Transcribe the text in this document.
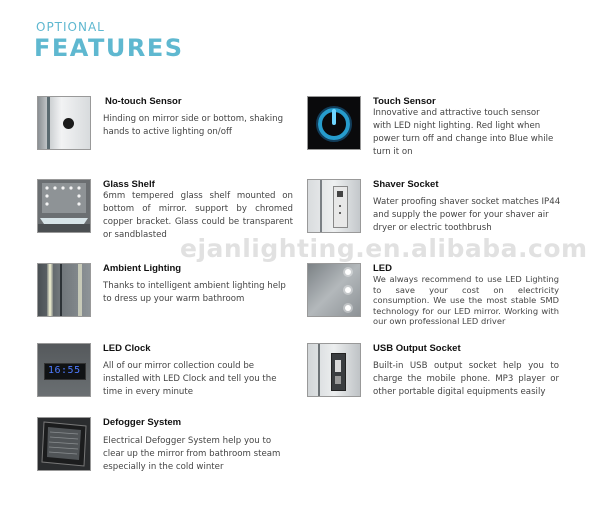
OPTIONAL
FEATURES
No-touch Sensor
Hinding on mirror side or bottom, shaking hands to active lighting on/off
Touch Sensor
Innovative and attractive touch sensor with LED night lighting. Red light when power turn off and change into Blue while turn it on
Glass Shelf
6mm tempered glass shelf mounted on bottom of mirror. support by chromed copper bracket. Glass could be transparent or sandblasted
Shaver Socket
Water proofing shaver socket matches IP44 and supply the power for your shaver air dryer or electric toothbrush
Ambient Lighting
Thanks to intelligent ambient lighting help to dress up your warm bathroom
LED
We always recommend to use LED Lighting to save your cost on electricity consumption. We use the most stable SMD technology for our LED mirror. Working with our own professional LED driver
16:55
LED Clock
All of our mirror collection could be installed with LED Clock and tell you the time in every minute
USB Output Socket
Built-in USB output socket help you to charge the mobile phone. MP3 player or other portable digital equipments easily
Defogger System
Electrical Defogger System help you to clear up the mirror from bathroom steam especially in the cold winter
ejanlighting.en.alibaba.com
